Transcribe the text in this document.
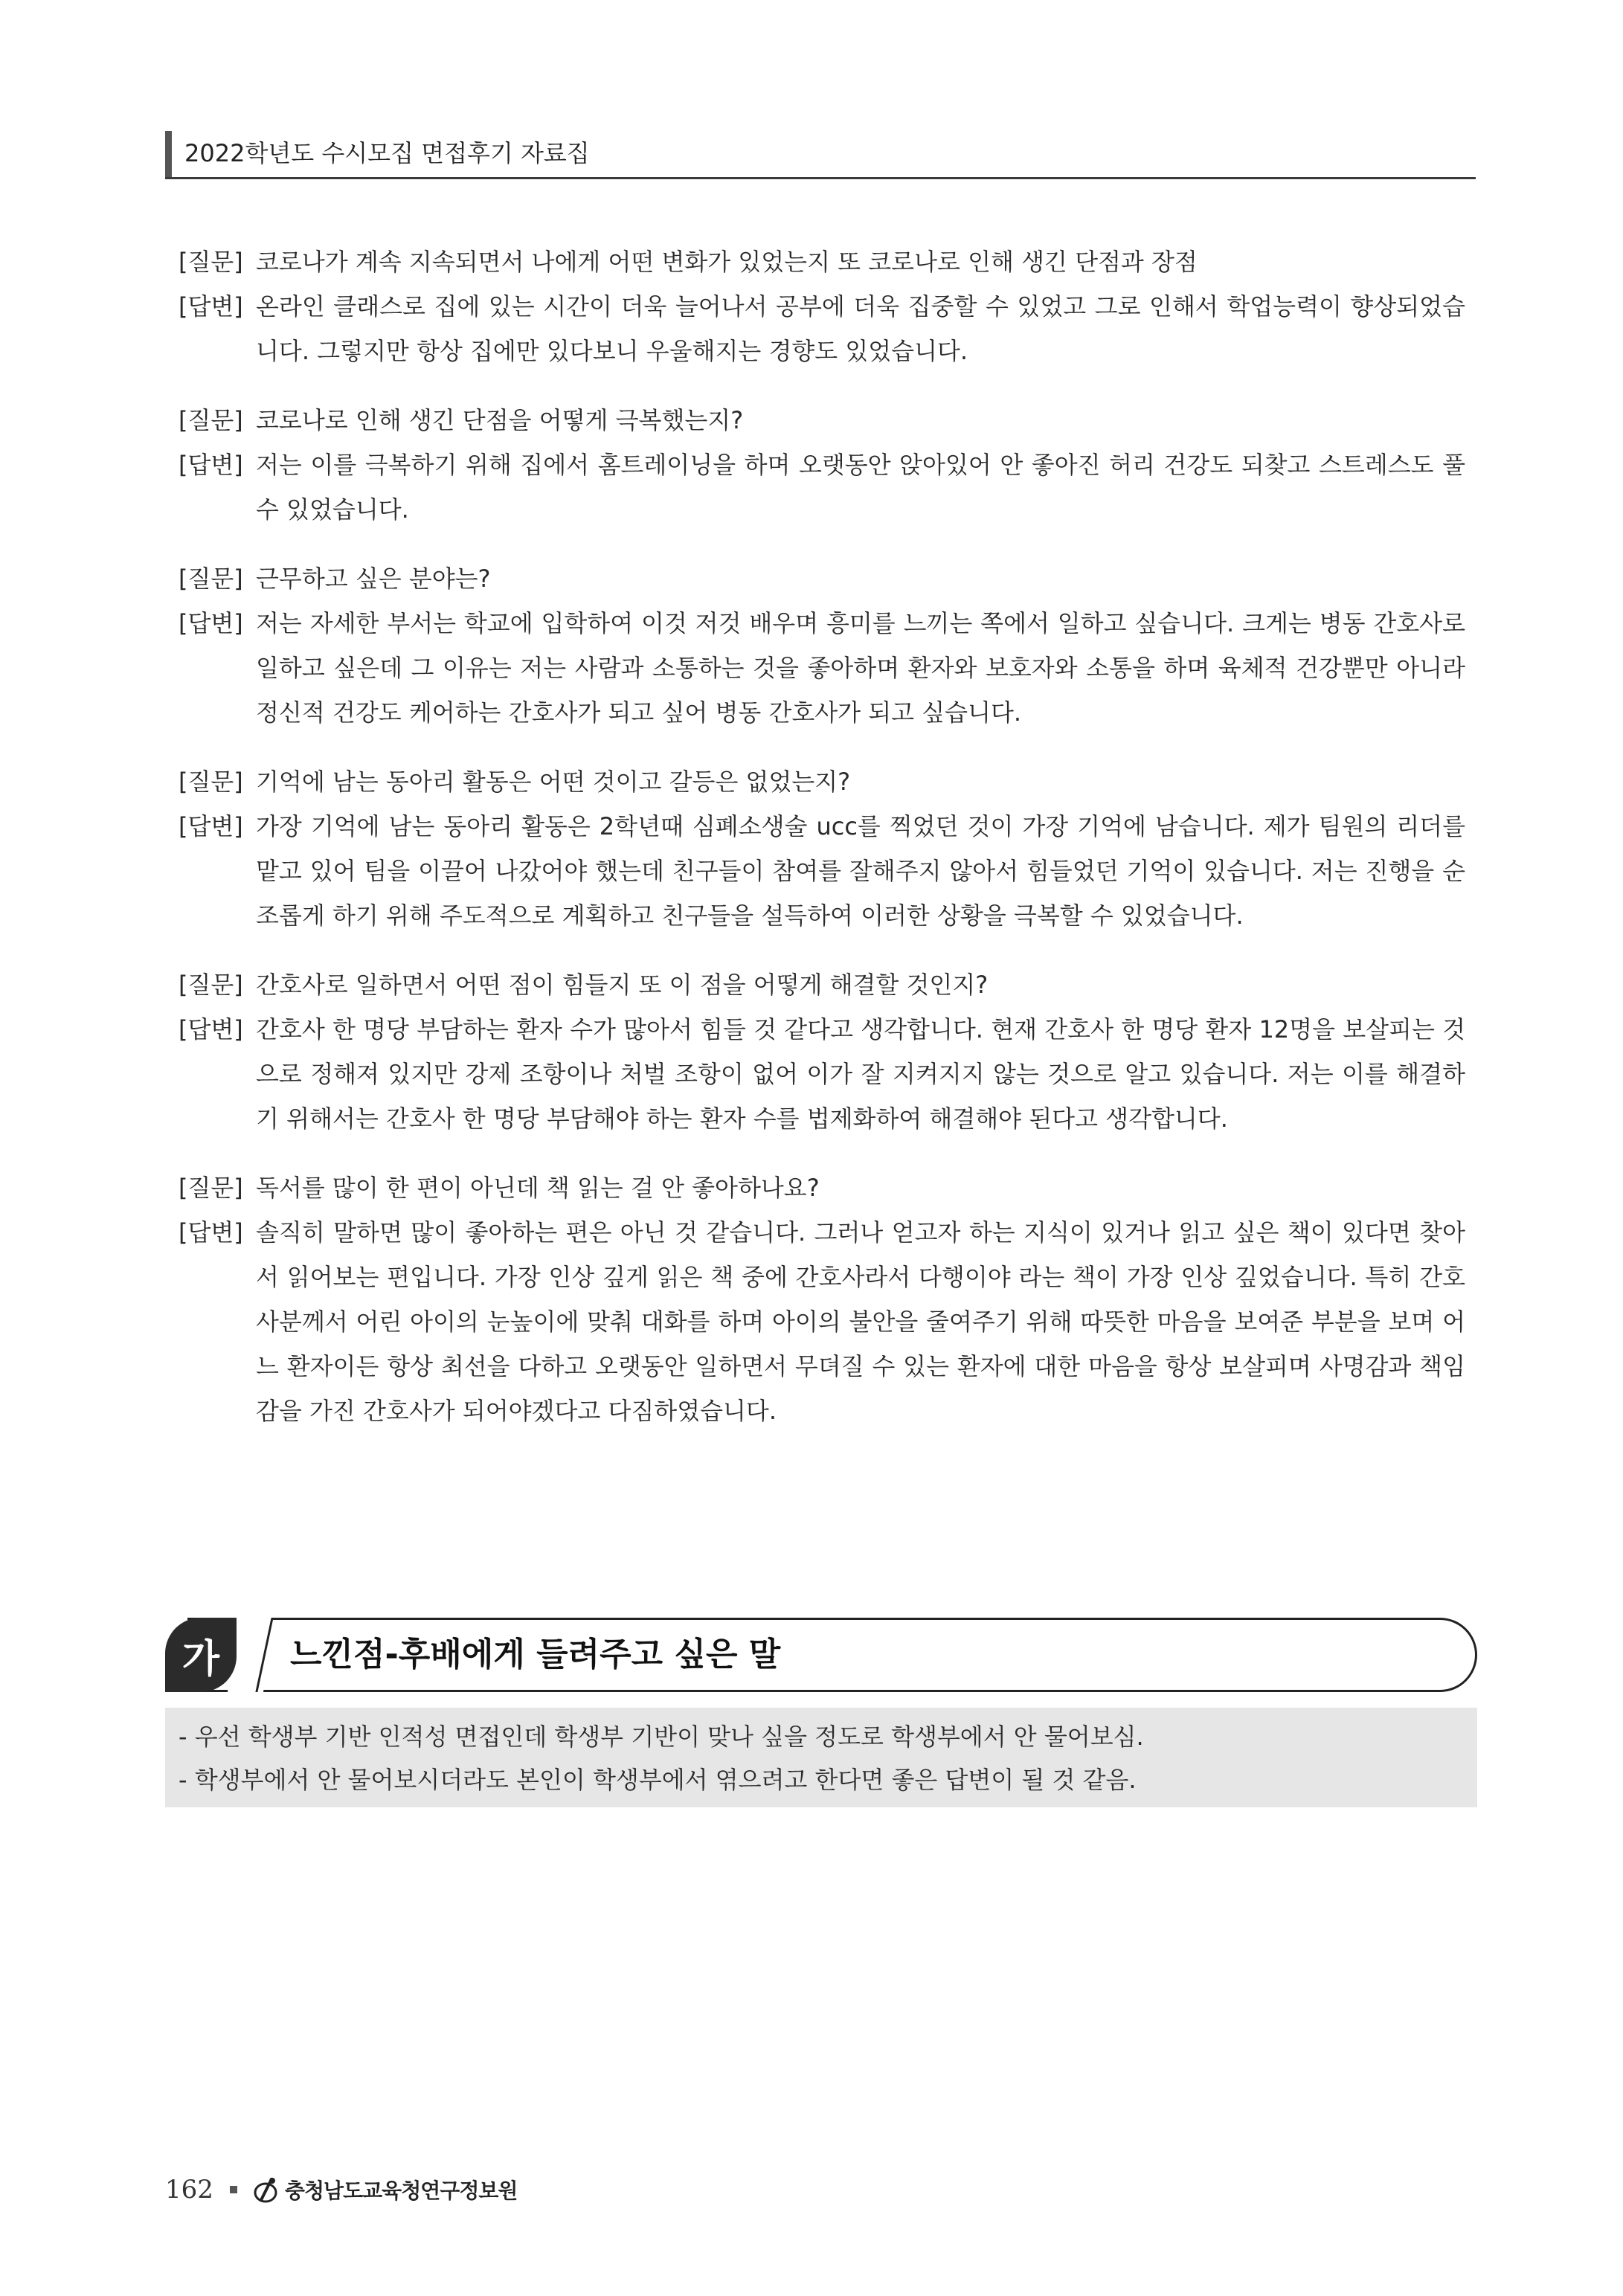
2022학년도 수시모집 면접후기 자료집
[질문] 코로나가 계속 지속되면서 나에게 어떤 변화가 있었는지 또 코로나로 인해 생긴 단점과 장점
[답변] 온라인 클래스로 집에 있는 시간이 더욱 늘어나서 공부에 더욱 집중할 수 있었고 그로 인해서 학업능력이 향상되었습니다. 그렇지만 항상 집에만 있다보니 우울해지는 경향도 있었습니다.
[질문] 코로나로 인해 생긴 단점을 어떻게 극복했는지?
[답변] 저는 이를 극복하기 위해 집에서 홈트레이닝을 하며 오랫동안 앉아있어 안 좋아진 허리 건강도 되찾고 스트레스도 풀 수 있었습니다.
[질문] 근무하고 싶은 분야는?
[답변] 저는 자세한 부서는 학교에 입학하여 이것 저것 배우며 흥미를 느끼는 쪽에서 일하고 싶습니다. 크게는 병동 간호사로 일하고 싶은데 그 이유는 저는 사람과 소통하는 것을 좋아하며 환자와 보호자와 소통을 하며 육체적 건강뿐만 아니라 정신적 건강도 케어하는 간호사가 되고 싶어 병동 간호사가 되고 싶습니다.
[질문] 기억에 남는 동아리 활동은 어떤 것이고 갈등은 없었는지?
[답변] 가장 기억에 남는 동아리 활동은 2학년때 심폐소생술 ucc를 찍었던 것이 가장 기억에 남습니다. 제가 팀원의 리더를 맡고 있어 팀을 이끌어 나갔어야 했는데 친구들이 참여를 잘해주지 않아서 힘들었던 기억이 있습니다. 저는 진행을 순조롭게 하기 위해 주도적으로 계획하고 친구들을 설득하여 이러한 상황을 극복할 수 있었습니다.
[질문] 간호사로 일하면서 어떤 점이 힘들지 또 이 점을 어떻게 해결할 것인지?
[답변] 간호사 한 명당 부담하는 환자 수가 많아서 힘들 것 같다고 생각합니다. 현재 간호사 한 명당 환자 12명을 보살피는 것으로 정해져 있지만 강제 조항이나 처벌 조항이 없어 이가 잘 지켜지지 않는 것으로 알고 있습니다. 저는 이를 해결하기 위해서는 간호사 한 명당 부담해야 하는 환자 수를 법제화하여 해결해야 된다고 생각합니다.
[질문] 독서를 많이 한 편이 아닌데 책 읽는 걸 안 좋아하나요?
[답변] 솔직히 말하면 많이 좋아하는 편은 아닌 것 같습니다. 그러나 얻고자 하는 지식이 있거나 읽고 싶은 책이 있다면 찾아서 읽어보는 편입니다. 가장 인상 깊게 읽은 책 중에 간호사라서 다행이야 라는 책이 가장 인상 깊었습니다. 특히 간호사분께서 어린 아이의 눈높이에 맞춰 대화를 하며 아이의 불안을 줄여주기 위해 따뜻한 마음을 보여준 부분을 보며 어느 환자이든 항상 최선을 다하고 오랫동안 일하면서 무뎌질 수 있는 환자에 대한 마음을 항상 보살피며 사명감과 책임감을 가진 간호사가 되어야겠다고 다짐하였습니다.
가	느낀점-후배에게 들려주고 싶은 말
- 우선 학생부 기반 인적성 면접인데 학생부 기반이 맞나 싶을 정도로 학생부에서 안 물어보심.
- 학생부에서 안 물어보시더라도 본인이 학생부에서 엮으려고 한다면 좋은 답변이 될 것 같음.
162	충청남도교육청연구정보원
